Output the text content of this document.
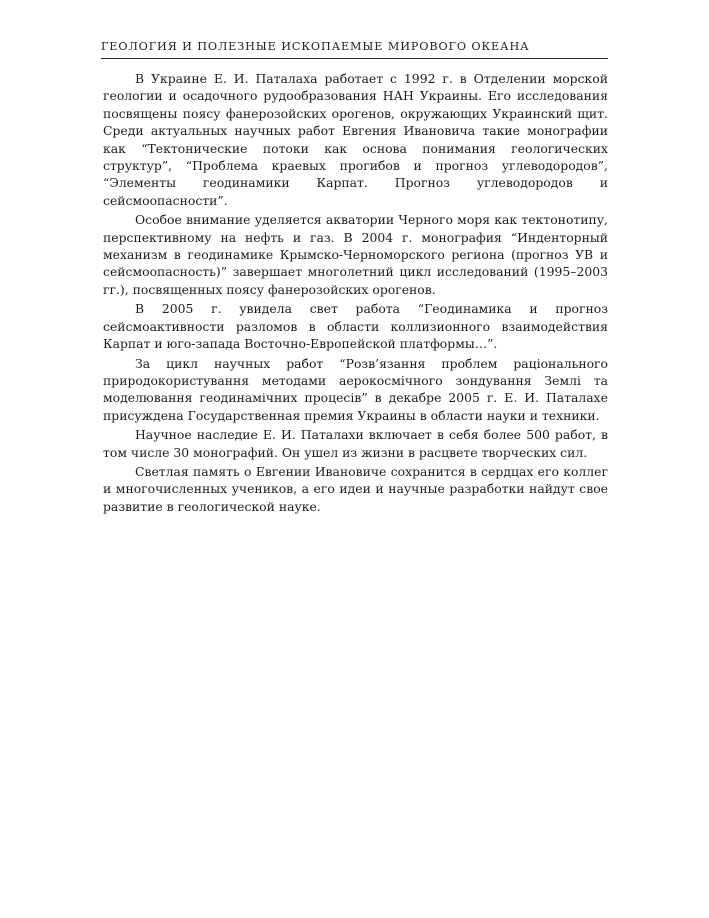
ГЕОЛОГИЯ И ПОЛЕЗНЫЕ ИСКОПАЕМЫЕ МИРОВОГО ОКЕАНА

В Украине Е. И. Паталаха работает с 1992 г. в Отделении морской геологии и осадочного рудообразования НАН Украины. Его исследования посвящены поясу фанерозойских орогенов, окружающих Украинский щит. Среди актуальных научных работ Евгения Ивановича такие монографии как “Тектонические потоки как основа понимания геологических структур”, “Проблема краевых прогибов и прогноз углеводородов”, “Элементы геодинамики Карпат. Прогноз углеводородов и сейсмоопасности”.

Особое внимание уделяется акватории Черного моря как тектонотипу, перспективному на нефть и газ. В 2004 г. монография “Инденторный механизм в геодинамике Крымско-Черноморского региона (прогноз УВ и сейсмоопасность)” завершает многолетний цикл исследований (1995–2003 гг.), посвященных поясу фанерозойских орогенов.

В 2005 г. увидела свет работа “Геодинамика и прогноз сейсмоактивности разломов в области коллизионного взаимодействия Карпат и юго-запада Восточно-Европейской платформы…”.

За цикл научных работ “Розв’язання проблем раціонального природокористування методами аерокосмічного зондування Землі та моделювання геодинамічних процесів” в декабре 2005 г. Е. И. Паталахе присуждена Государственная премия Украины в области науки и техники.

Научное наследие Е. И. Паталахи включает в себя более 500 работ, в том числе 30 монографий. Он ушел из жизни в расцвете творческих сил.

Светлая память о Евгении Ивановиче сохранится в сердцах его коллег и многочисленных учеников, а его идеи и научные разработки найдут свое развитие в геологической науке.
